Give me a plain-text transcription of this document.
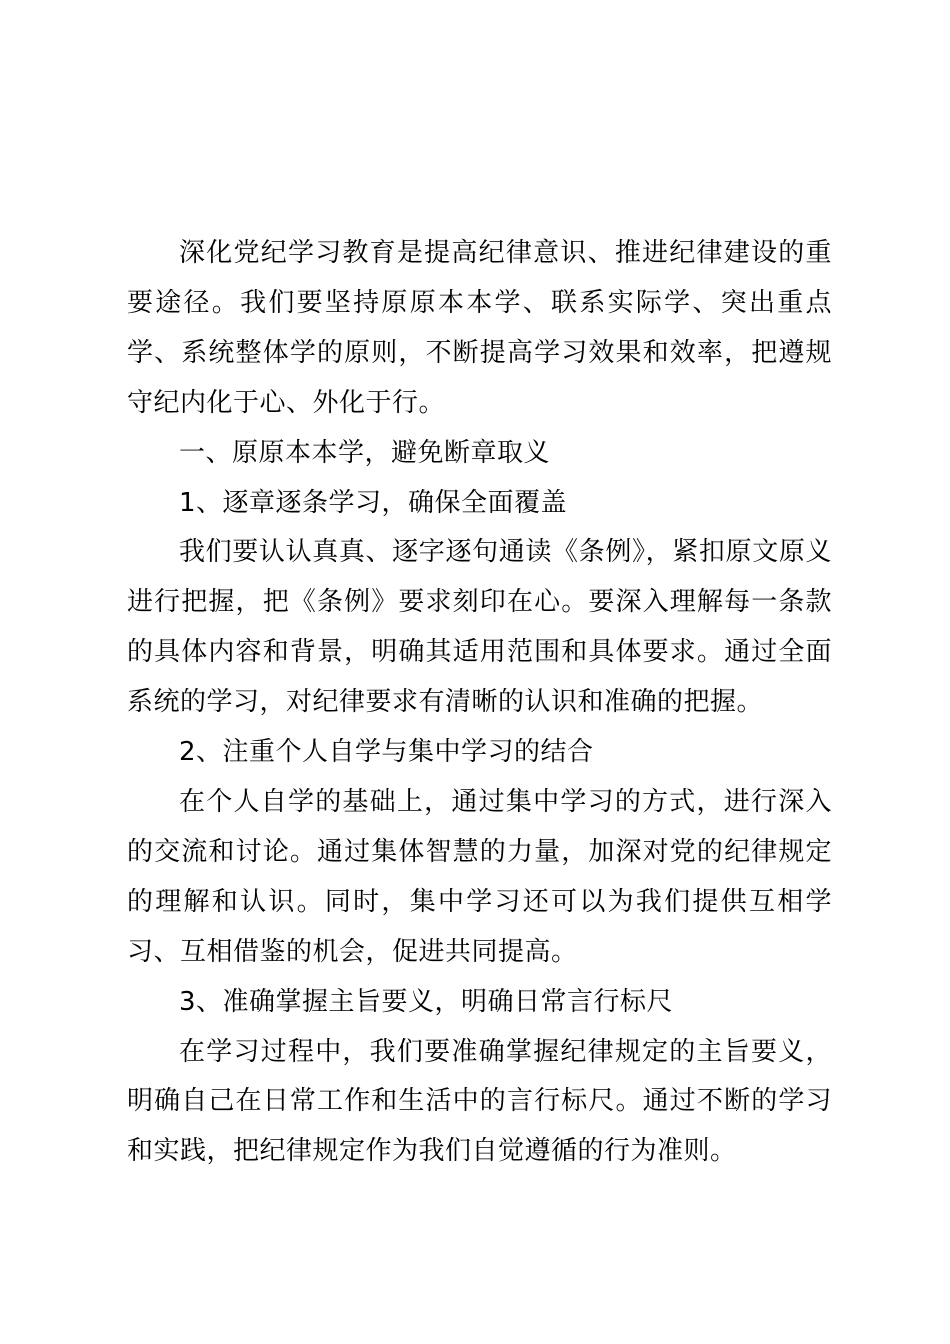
深化党纪学习教育是提高纪律意识、推进纪律建设的重要途径。我们要坚持原原本本学、联系实际学、突出重点学、系统整体学的原则，不断提高学习效果和效率，把遵规守纪内化于心、外化于行。

一、原原本本学，避免断章取义

1、逐章逐条学习，确保全面覆盖

我们要认认真真、逐字逐句通读《条例》，紧扣原文原义进行把握，把《条例》要求刻印在心。要深入理解每一条款的具体内容和背景，明确其适用范围和具体要求。通过全面系统的学习，对纪律要求有清晰的认识和准确的把握。

2、注重个人自学与集中学习的结合

在个人自学的基础上，通过集中学习的方式，进行深入的交流和讨论。通过集体智慧的力量，加深对党的纪律规定的理解和认识。同时，集中学习还可以为我们提供互相学习、互相借鉴的机会，促进共同提高。

3、准确掌握主旨要义，明确日常言行标尺

在学习过程中，我们要准确掌握纪律规定的主旨要义，明确自己在日常工作和生活中的言行标尺。通过不断的学习和实践，把纪律规定作为我们自觉遵循的行为准则。
